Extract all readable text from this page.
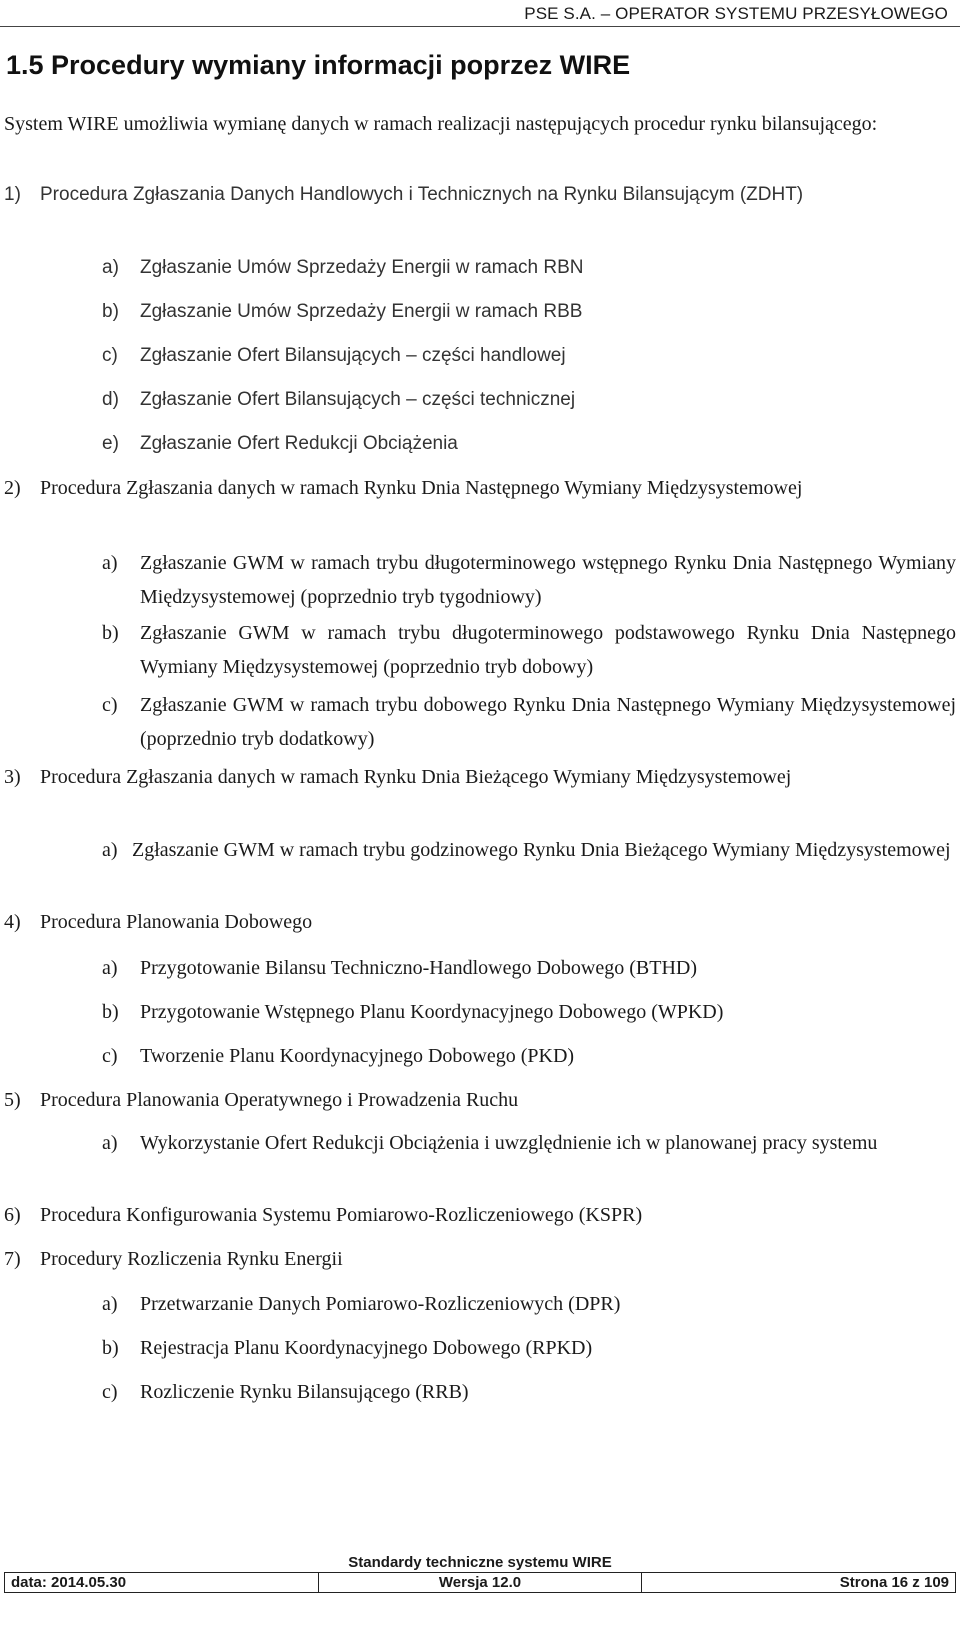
PSE S.A. – OPERATOR SYSTEMU PRZESYŁOWEGO
1.5 Procedury wymiany informacji poprzez WIRE
System WIRE umożliwia wymianę danych w ramach realizacji następujących procedur rynku bilansującego:
1)	Procedura Zgłaszania Danych Handlowych i Technicznych na Rynku Bilansującym (ZDHT)
a)	Zgłaszanie Umów Sprzedaży Energii w ramach RBN
b)	Zgłaszanie Umów Sprzedaży Energii w ramach RBB
c)	Zgłaszanie Ofert Bilansujących – części handlowej
d)	Zgłaszanie Ofert Bilansujących – części technicznej
e)	Zgłaszanie Ofert Redukcji Obciążenia
2) Procedura Zgłaszania danych w ramach Rynku Dnia Następnego Wymiany Międzysystemowej
a)	Zgłaszanie GWM w ramach trybu długoterminowego wstępnego Rynku Dnia Następnego Wymiany Międzysystemowej (poprzednio tryb tygodniowy)
b)	Zgłaszanie GWM w ramach trybu długoterminowego podstawowego Rynku Dnia Następnego Wymiany Międzysystemowej (poprzednio tryb dobowy)
c)	Zgłaszanie GWM w ramach trybu dobowego Rynku Dnia Następnego Wymiany Międzysystemowej (poprzednio tryb dodatkowy)
3) Procedura Zgłaszania danych w ramach Rynku Dnia Bieżącego Wymiany Międzysystemowej
a) Zgłaszanie GWM w ramach trybu godzinowego Rynku Dnia Bieżącego Wymiany Międzysystemowej
4) Procedura Planowania Dobowego
a)	Przygotowanie Bilansu Techniczno-Handlowego Dobowego (BTHD)
b)	Przygotowanie Wstępnego Planu Koordynacyjnego Dobowego (WPKD)
c)	Tworzenie Planu Koordynacyjnego Dobowego (PKD)
5) Procedura Planowania Operatywnego i Prowadzenia Ruchu
a)	Wykorzystanie Ofert Redukcji Obciążenia i uwzględnienie ich w planowanej pracy systemu
6) Procedura Konfigurowania Systemu Pomiarowo-Rozliczeniowego (KSPR)
7) Procedury Rozliczenia Rynku Energii
a)	Przetwarzanie Danych Pomiarowo-Rozliczeniowych (DPR)
b)	Rejestracja Planu Koordynacyjnego Dobowego (RPKD)
c)	Rozliczenie Rynku Bilansującego (RRB)
Standardy techniczne systemu WIRE
data: 2014.05.30	Wersja 12.0	Strona 16 z 109
